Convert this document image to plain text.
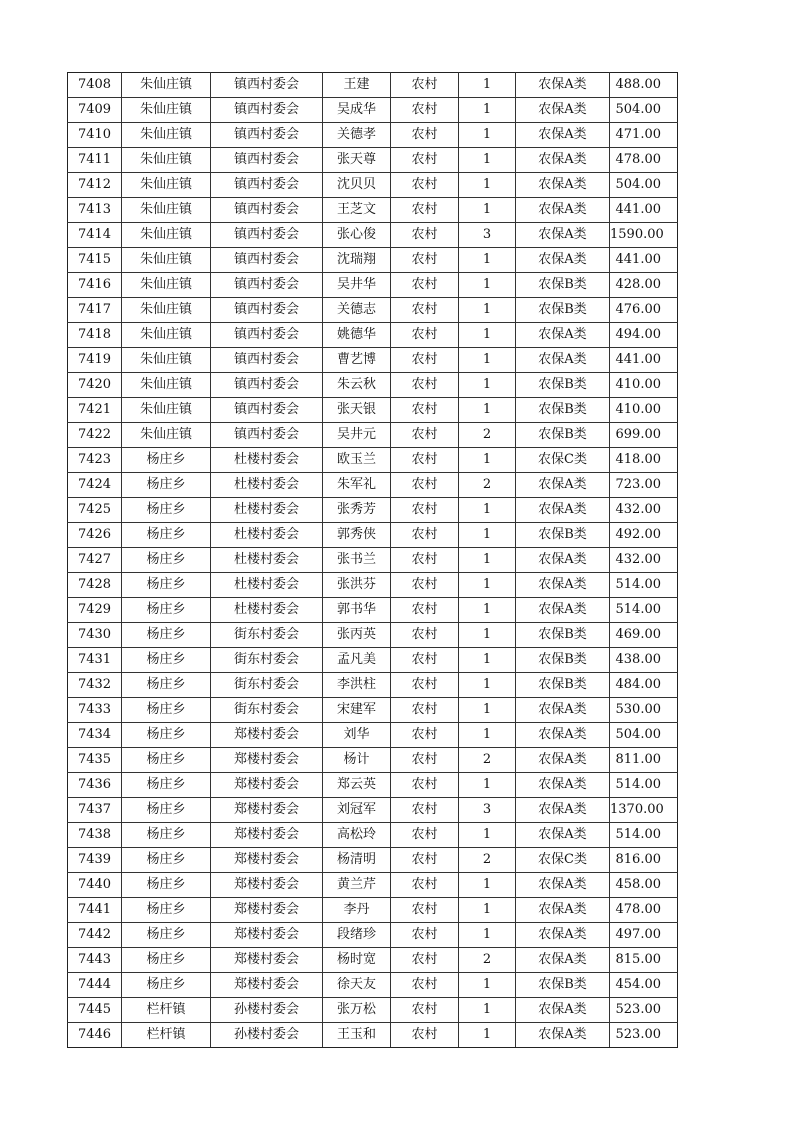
7408	朱仙庄镇	镇西村委会	王建	农村	1	农保A类	488.00
7409	朱仙庄镇	镇西村委会	吴成华	农村	1	农保A类	504.00
7410	朱仙庄镇	镇西村委会	关德孝	农村	1	农保A类	471.00
7411	朱仙庄镇	镇西村委会	张天尊	农村	1	农保A类	478.00
7412	朱仙庄镇	镇西村委会	沈贝贝	农村	1	农保A类	504.00
7413	朱仙庄镇	镇西村委会	王芝文	农村	1	农保A类	441.00
7414	朱仙庄镇	镇西村委会	张心俊	农村	3	农保A类	1590.00
7415	朱仙庄镇	镇西村委会	沈瑞翔	农村	1	农保A类	441.00
7416	朱仙庄镇	镇西村委会	吴井华	农村	1	农保B类	428.00
7417	朱仙庄镇	镇西村委会	关德志	农村	1	农保B类	476.00
7418	朱仙庄镇	镇西村委会	姚德华	农村	1	农保A类	494.00
7419	朱仙庄镇	镇西村委会	曹艺博	农村	1	农保A类	441.00
7420	朱仙庄镇	镇西村委会	朱云秋	农村	1	农保B类	410.00
7421	朱仙庄镇	镇西村委会	张天银	农村	1	农保B类	410.00
7422	朱仙庄镇	镇西村委会	吴井元	农村	2	农保B类	699.00
7423	杨庄乡	杜楼村委会	欧玉兰	农村	1	农保C类	418.00
7424	杨庄乡	杜楼村委会	朱军礼	农村	2	农保A类	723.00
7425	杨庄乡	杜楼村委会	张秀芳	农村	1	农保A类	432.00
7426	杨庄乡	杜楼村委会	郭秀侠	农村	1	农保B类	492.00
7427	杨庄乡	杜楼村委会	张书兰	农村	1	农保A类	432.00
7428	杨庄乡	杜楼村委会	张洪芬	农村	1	农保A类	514.00
7429	杨庄乡	杜楼村委会	郭书华	农村	1	农保A类	514.00
7430	杨庄乡	街东村委会	张丙英	农村	1	农保B类	469.00
7431	杨庄乡	街东村委会	孟凡美	农村	1	农保B类	438.00
7432	杨庄乡	街东村委会	李洪柱	农村	1	农保B类	484.00
7433	杨庄乡	街东村委会	宋建军	农村	1	农保A类	530.00
7434	杨庄乡	郑楼村委会	刘华	农村	1	农保A类	504.00
7435	杨庄乡	郑楼村委会	杨计	农村	2	农保A类	811.00
7436	杨庄乡	郑楼村委会	郑云英	农村	1	农保A类	514.00
7437	杨庄乡	郑楼村委会	刘冠军	农村	3	农保A类	1370.00
7438	杨庄乡	郑楼村委会	高松玲	农村	1	农保A类	514.00
7439	杨庄乡	郑楼村委会	杨清明	农村	2	农保C类	816.00
7440	杨庄乡	郑楼村委会	黄兰芹	农村	1	农保A类	458.00
7441	杨庄乡	郑楼村委会	李丹	农村	1	农保A类	478.00
7442	杨庄乡	郑楼村委会	段绪珍	农村	1	农保A类	497.00
7443	杨庄乡	郑楼村委会	杨时宽	农村	2	农保A类	815.00
7444	杨庄乡	郑楼村委会	徐天友	农村	1	农保B类	454.00
7445	栏杆镇	孙楼村委会	张万松	农村	1	农保A类	523.00
7446	栏杆镇	孙楼村委会	王玉和	农村	1	农保A类	523.00
